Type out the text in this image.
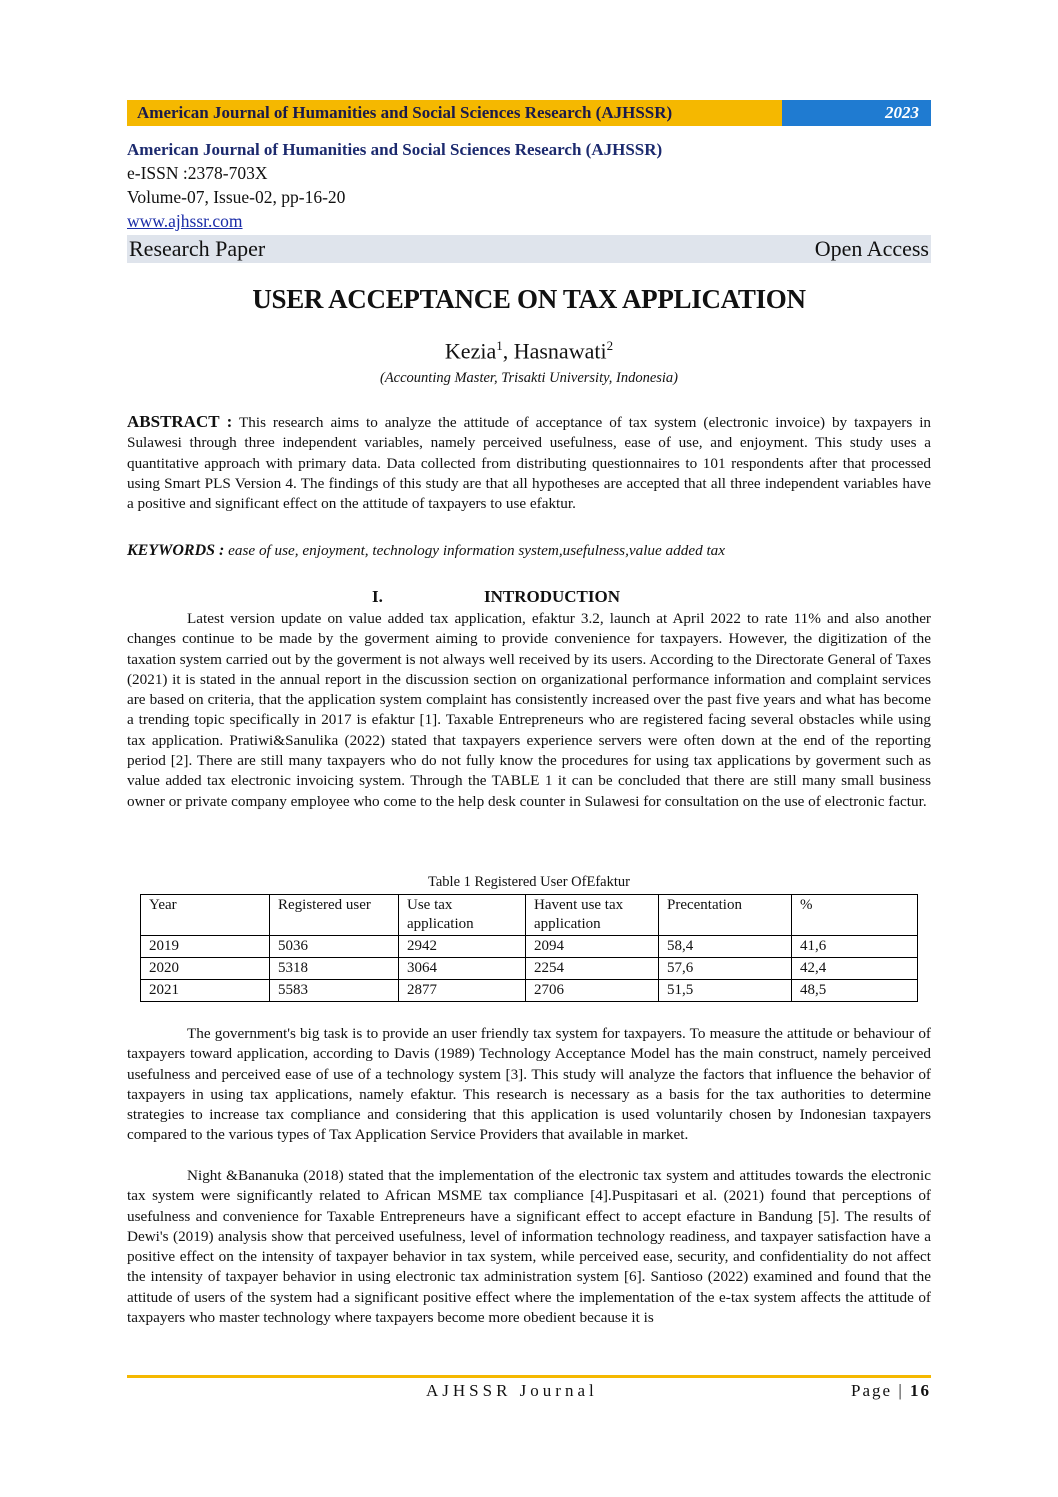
American Journal of Humanities and Social Sciences Research (AJHSSR)	2023
American Journal of Humanities and Social Sciences Research (AJHSSR)
e-ISSN :2378-703X
Volume-07, Issue-02, pp-16-20
www.ajhssr.com
Research Paper	Open Access
USER ACCEPTANCE ON TAX APPLICATION
Kezia$^1$, Hasnawati$^2$
(Accounting Master, Trisakti University, Indonesia)
ABSTRACT : This research aims to analyze the attitude of acceptance of tax system (electronic invoice) by taxpayers in Sulawesi through three independent variables, namely perceived usefulness, ease of use, and enjoyment. This study uses a quantitative approach with primary data. Data collected from distributing questionnaires to 101 respondents after that processed using Smart PLS Version 4. The findings of this study are that all hypotheses are accepted that all three independent variables have a positive and significant effect on the attitude of taxpayers to use efaktur.
KEYWORDS : ease of use, enjoyment, technology information system,usefulness,value added tax
I.	INTRODUCTION
Latest version update on value added tax application, efaktur 3.2, launch at April 2022 to rate 11% and also another changes continue to be made by the goverment aiming to provide convenience for taxpayers. However, the digitization of the taxation system carried out by the goverment is not always well received by its users. According to the Directorate General of Taxes (2021) it is stated in the annual report in the discussion section on organizational performance information and complaint services are based on criteria, that the application system complaint has consistently increased over the past five years and what has become a trending topic specifically in 2017 is efaktur [1]. Taxable Entrepreneurs who are registered facing several obstacles while using tax application. Pratiwi&Sanulika (2022) stated that taxpayers experience servers were often down at the end of the reporting period [2]. There are still many taxpayers who do not fully know the procedures for using tax applications by goverment such as value added tax electronic invoicing system. Through the TABLE 1 it can be concluded that there are still many small business owner or private company employee who come to the help desk counter in Sulawesi for consultation on the use of electronic factur.
Table 1 Registered User OfEfaktur
Year	Registered user	Use tax application	Havent use tax application	Precentation	%
2019	5036	2942	2094	58,4	41,6
2020	5318	3064	2254	57,6	42,4
2021	5583	2877	2706	51,5	48,5
The government's big task is to provide an user friendly tax system for taxpayers. To measure the attitude or behaviour of taxpayers toward application, according to Davis (1989) Technology Acceptance Model has the main construct, namely perceived usefulness and perceived ease of use of a technology system [3]. This study will analyze the factors that influence the behavior of taxpayers in using tax applications, namely efaktur. This research is necessary as a basis for the tax authorities to determine strategies to increase tax compliance and considering that this application is used voluntarily chosen by Indonesian taxpayers compared to the various types of Tax Application Service Providers that available in market.
Night &Bananuka (2018) stated that the implementation of the electronic tax system and attitudes towards the electronic tax system were significantly related to African MSME tax compliance [4].Puspitasari et al. (2021) found that perceptions of usefulness and convenience for Taxable Entrepreneurs have a significant effect to accept efacture in Bandung [5]. The results of Dewi's (2019) analysis show that perceived usefulness, level of information technology readiness, and taxpayer satisfaction have a positive effect on the intensity of taxpayer behavior in tax system, while perceived ease, security, and confidentiality do not affect the intensity of taxpayer behavior in using electronic tax administration system [6]. Santioso (2022) examined and found that the attitude of users of the system had a significant positive effect where the implementation of the e-tax system affects the attitude of taxpayers who master technology where taxpayers become more obedient because it is
AJHSSR Journal	Page | 16
